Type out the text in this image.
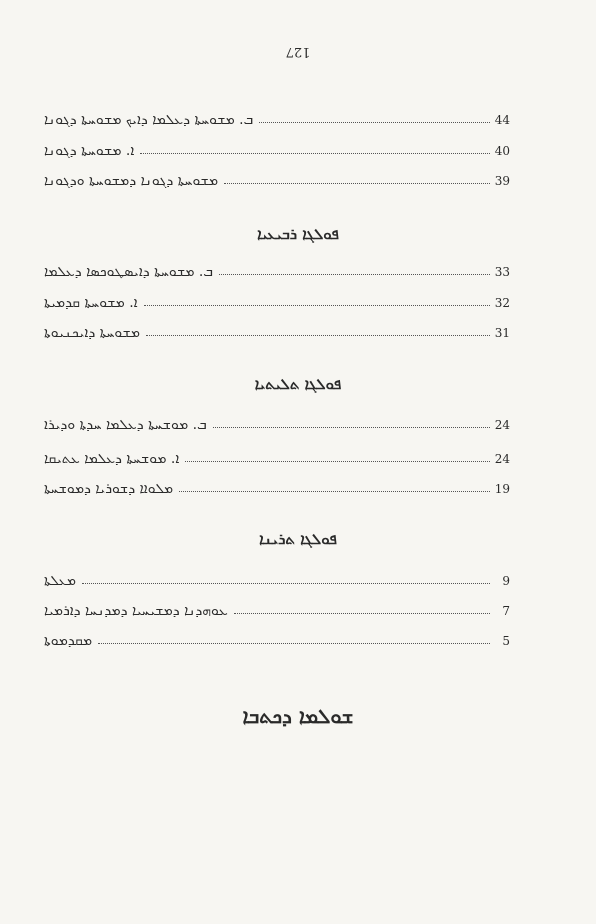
127
44
ܒ. ܡܫܘܚܬܐ ܕܥܠܡܐ ܕܐܝܟ ܡܫܘܚܬܐ ܕܓܘܢܐ
40
ܐ. ܡܫܘܚܬܐ ܕܓܘܢܐ
39
ܡܫܘܚܬܐ ܕܓܘܢܐ ܕܡܫܘܚܬܐ ܘܕܓܘܢܐ
ܦܘܠܓܐ ܪܒܝܥܝܐ
33
ܒ. ܡܫܘܚܬܐ ܕܐܝܣܛܘܟܣܐ ܕܥܠܡܐ
32
ܐ. ܡܫܘܚܬܐ ܩܕܡܝܬܐ
31
ܡܫܘܚܬܐ ܕܐܝܟܢܝܘܬܐ
ܦܘܠܓܐ ܬܠܝܬܝܐ
24
ܒ. ܡܘܫܚܬܐ ܕܥܠܡܐ ܚܕܬܐ ܘܕܝܪܐ
24
ܐ. ܡܘܫܚܬܐ ܕܥܠܡܐ ܥܬܝܩܐ
19
ܡܠܘܐܐ ܕܫܘܪܝܐ ܕܡܘܫܚܬܐ
ܦܘܠܓܐ ܬܪܝܢܐ
9
ܡܥܠܬܐ
7
ܥܘܗܕܢܐ ܕܡܫܝܚܝܐ ܕܡܕܢܚܐ ܕܐܪܡܝܐ
5
ܡܩܕܡܘܬܐ
ܫܘܠܡܐ ܕܟܬܒܐ
